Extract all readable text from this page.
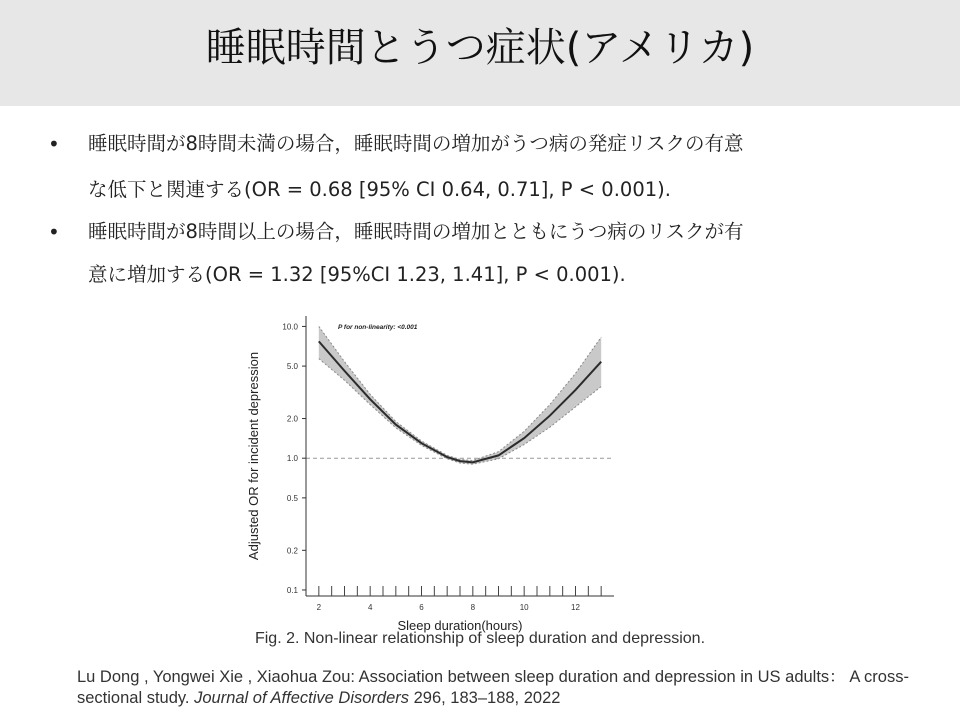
睡眠時間とうつ症状(アメリカ)
• 睡眠時間が8時間未満の場合，睡眠時間の増加がうつ病の発症リスクの有意
な低下と関連する(OR = 0.68 [95% CI 0.64, 0.71], P < 0.001).
• 睡眠時間が8時間以上の場合，睡眠時間の増加とともにうつ病のリスクが有
意に増加する(OR = 1.32 [95%CI 1.23, 1.41], P < 0.001).
10.0
5.0
2.0
1.0
0.5
0.2
0.1
2	4	6	8	10	12
P for non-linearity: <0.001
Sleep duration(hours)
Adjusted OR for incident depression
Fig. 2. Non-linear relationship of sleep duration and depression.
Lu Dong , Yongwei Xie , Xiaohua Zou: Association between sleep duration and depression in US adults： A cross-sectional study. Journal of Affective Disorders 296, 183–188, 2022
